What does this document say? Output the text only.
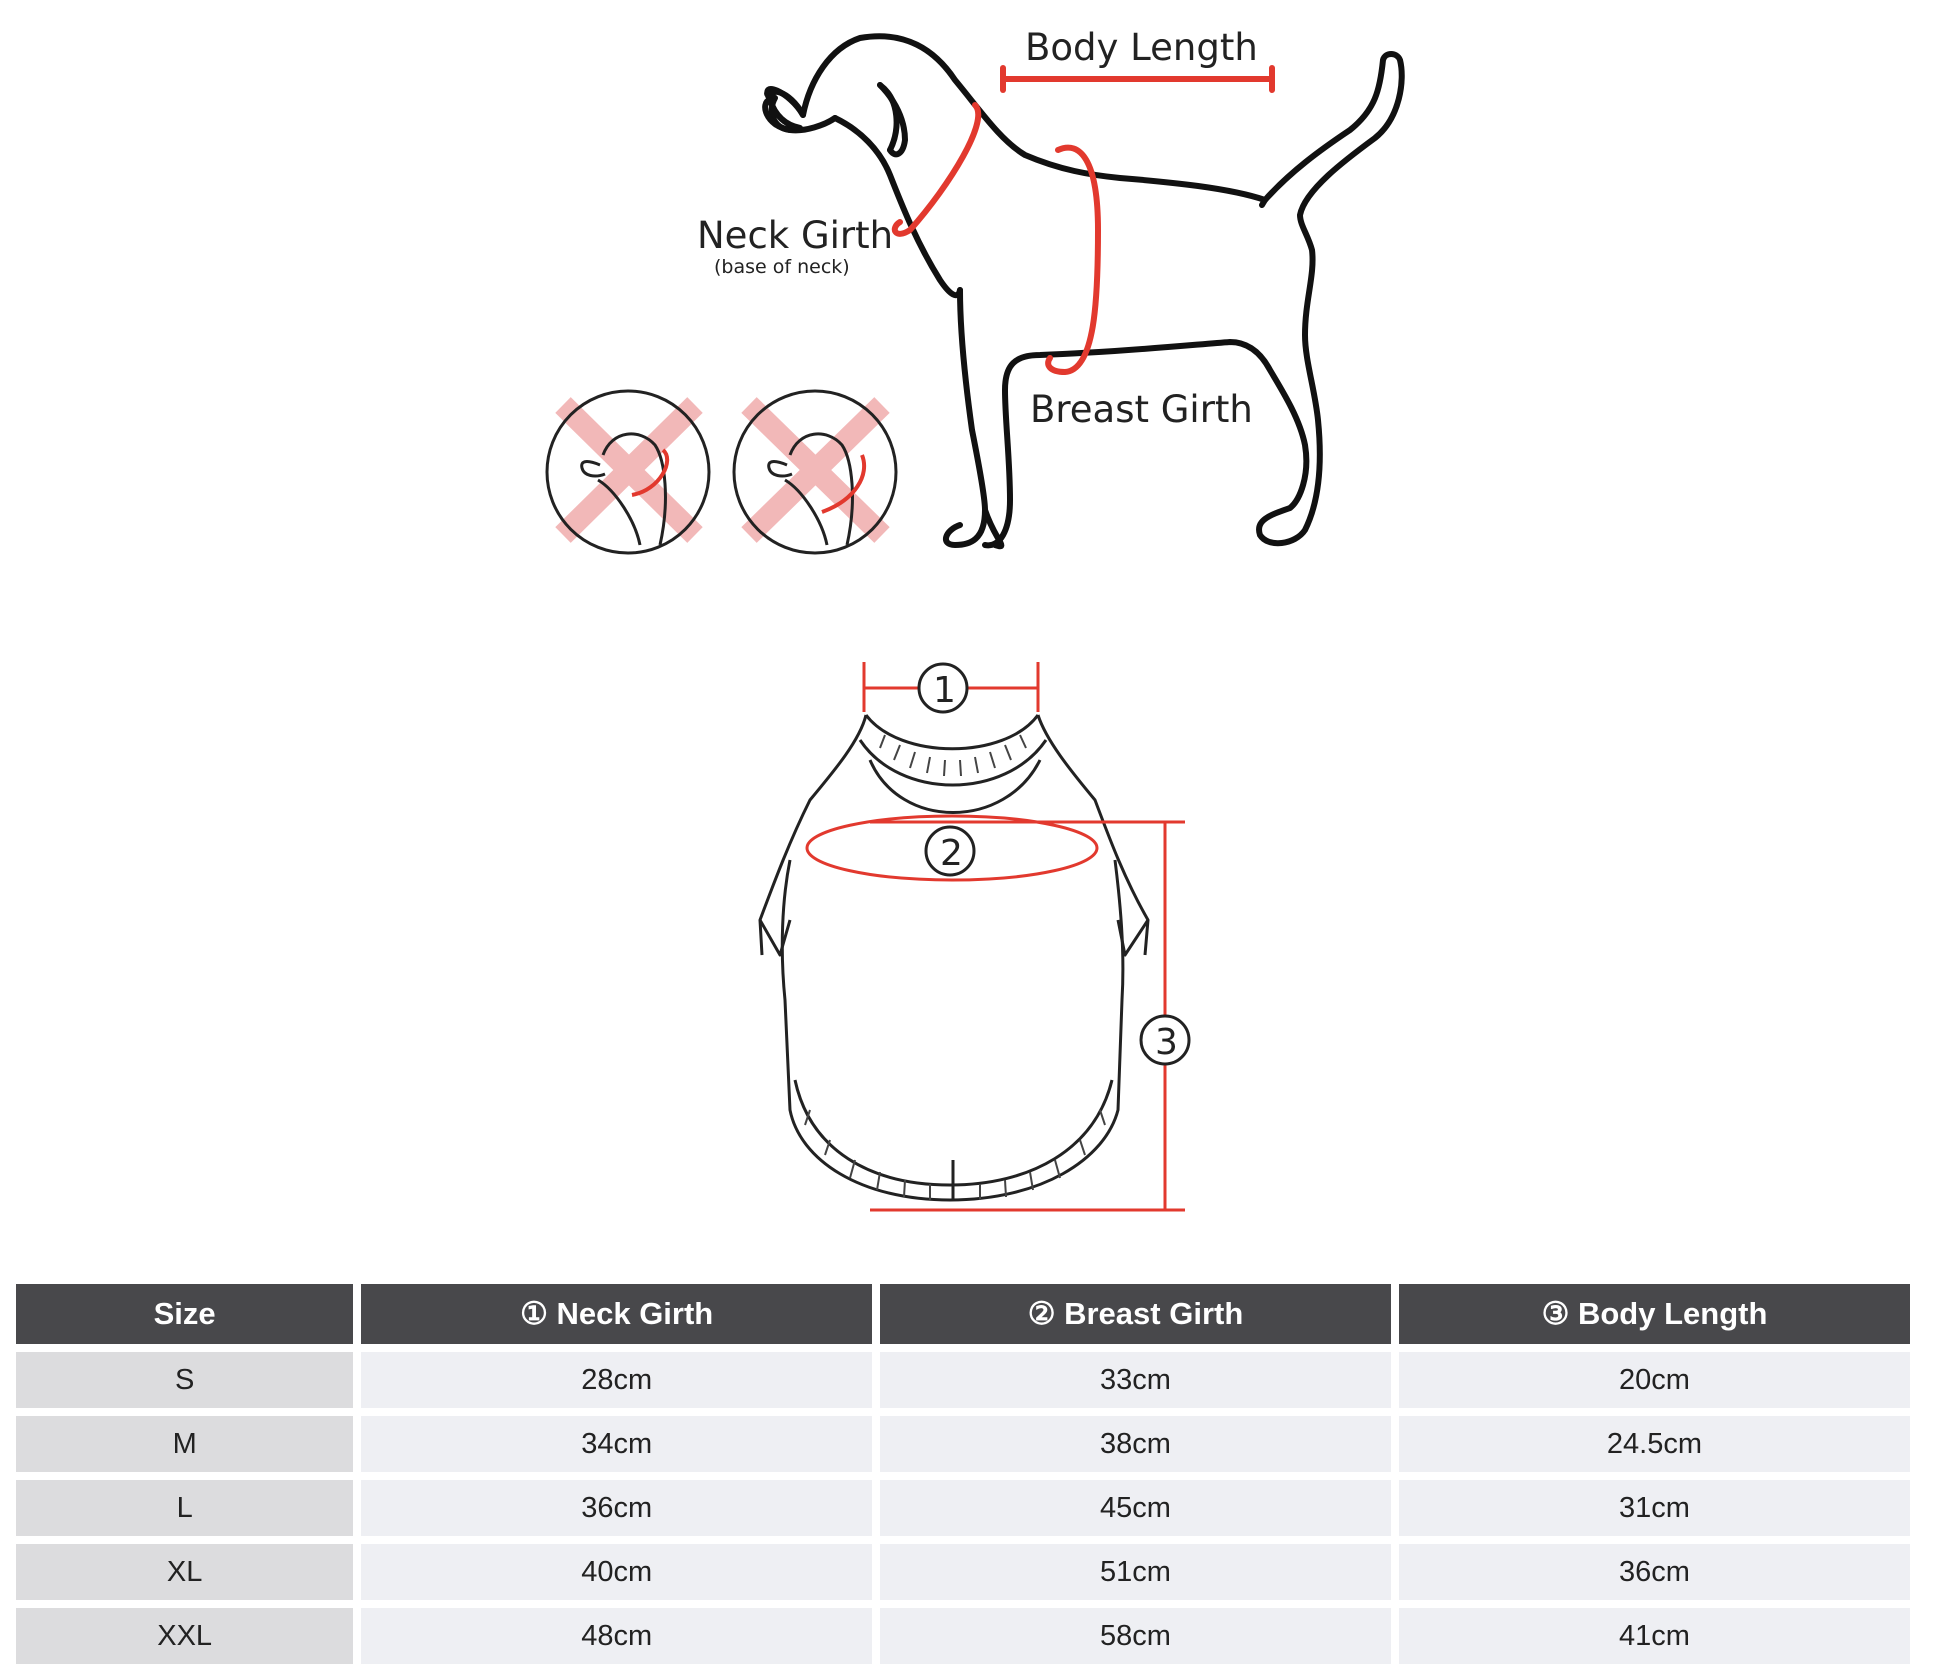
Body Length
Neck Girth
(base of neck)
Breast Girth
1
2
3
Size	① Neck Girth	② Breast Girth	③ Body Length
S	28cm	33cm	20cm
M	34cm	38cm	24.5cm
L	36cm	45cm	31cm
XL	40cm	51cm	36cm
XXL	48cm	58cm	41cm
